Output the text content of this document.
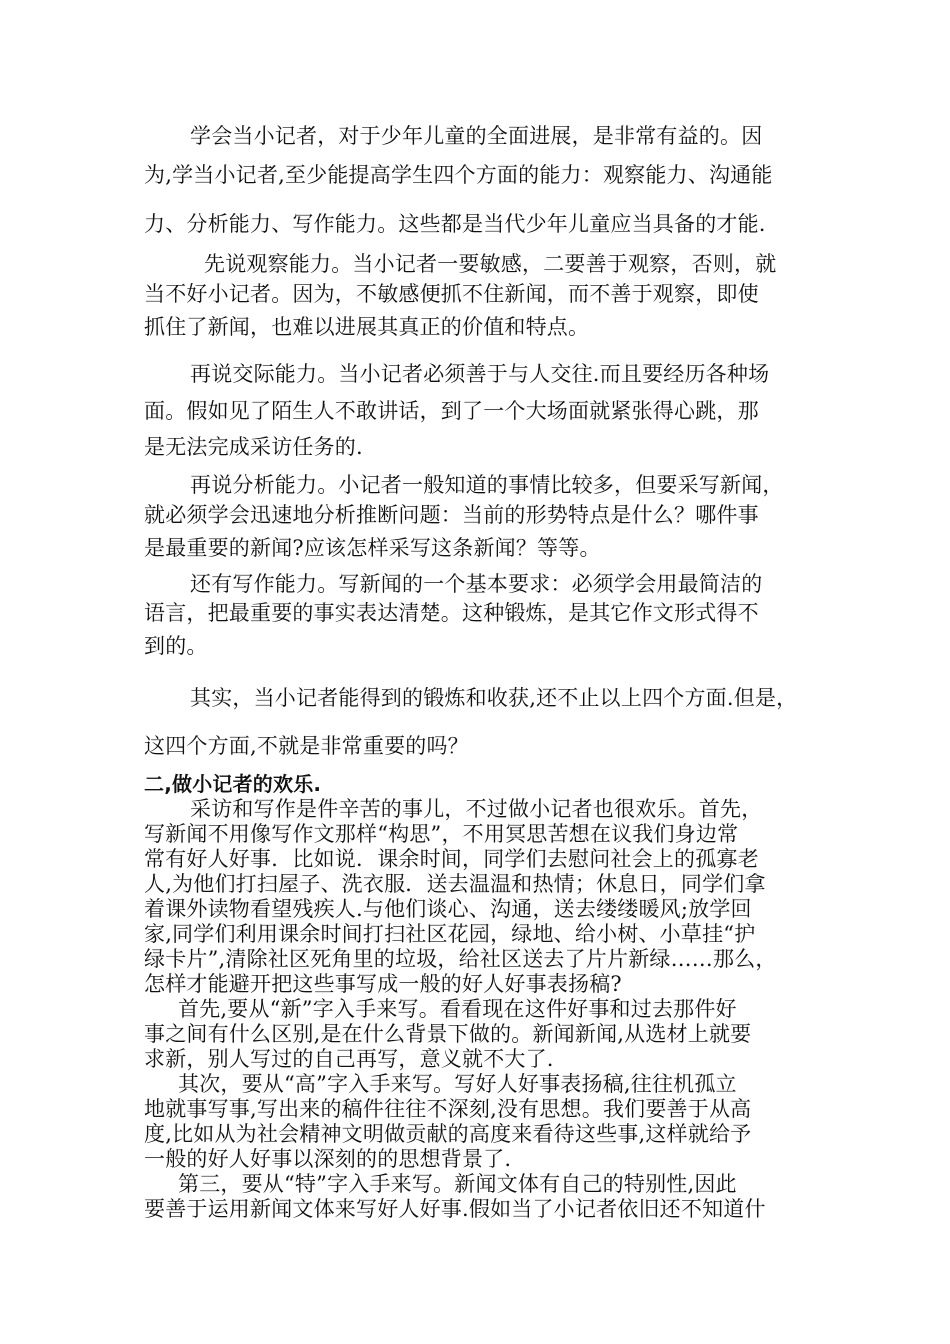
学会当小记者，对于少年儿童的全面进展，是非常有益的。因
为,学当小记者,至少能提高学生四个方面的能力：观察能力、沟通能
力、分析能力、写作能力。这些都是当代少年儿童应当具备的才能.
先说观察能力。当小记者一要敏感，二要善于观察，否则，就
当不好小记者。因为，不敏感便抓不住新闻，而不善于观察，即使
抓住了新闻，也难以进展其真正的价值和特点。
再说交际能力。当小记者必须善于与人交往.而且要经历各种场
面。假如见了陌生人不敢讲话，到了一个大场面就紧张得心跳，那
是无法完成采访任务的.
再说分析能力。小记者一般知道的事情比较多，但要采写新闻，
就必须学会迅速地分析推断问题：当前的形势特点是什么？哪件事
是最重要的新闻?应该怎样采写这条新闻？等等。
还有写作能力。写新闻的一个基本要求：必须学会用最简洁的
语言，把最重要的事实表达清楚。这种锻炼，是其它作文形式得不
到的。
其实，当小记者能得到的锻炼和收获,还不止以上四个方面.但是，
这四个方面,不就是非常重要的吗？
二,做小记者的欢乐.
采访和写作是件辛苦的事儿，不过做小记者也很欢乐。首先，
写新闻不用像写作文那样“构思”，不用冥思苦想在议我们身边常
常有好人好事．比如说．课余时间，同学们去慰问社会上的孤寡老
人,为他们打扫屋子、洗衣服．送去温温和热情；休息日，同学们拿
着课外读物看望残疾人.与他们谈心、沟通，送去缕缕暖风;放学回
家,同学们利用课余时间打扫社区花园，绿地、给小树、小草挂“护
绿卡片”,清除社区死角里的垃圾，给社区送去了片片新绿……那么，
怎样才能避开把这些事写成一般的好人好事表扬稿?
首先,要从“新”字入手来写。看看现在这件好事和过去那件好
事之间有什么区别,是在什么背景下做的。新闻新闻,从选材上就要
求新，别人写过的自己再写，意义就不大了.
其次，要从“高”字入手来写。写好人好事表扬稿,往往机孤立
地就事写事,写出来的稿件往往不深刻,没有思想。我们要善于从高
度,比如从为社会精神文明做贡献的高度来看待这些事,这样就给予
一般的好人好事以深刻的的思想背景了.
第三，要从“特”字入手来写。新闻文体有自己的特别性,因此
要善于运用新闻文体来写好人好事.假如当了小记者依旧还不知道什
